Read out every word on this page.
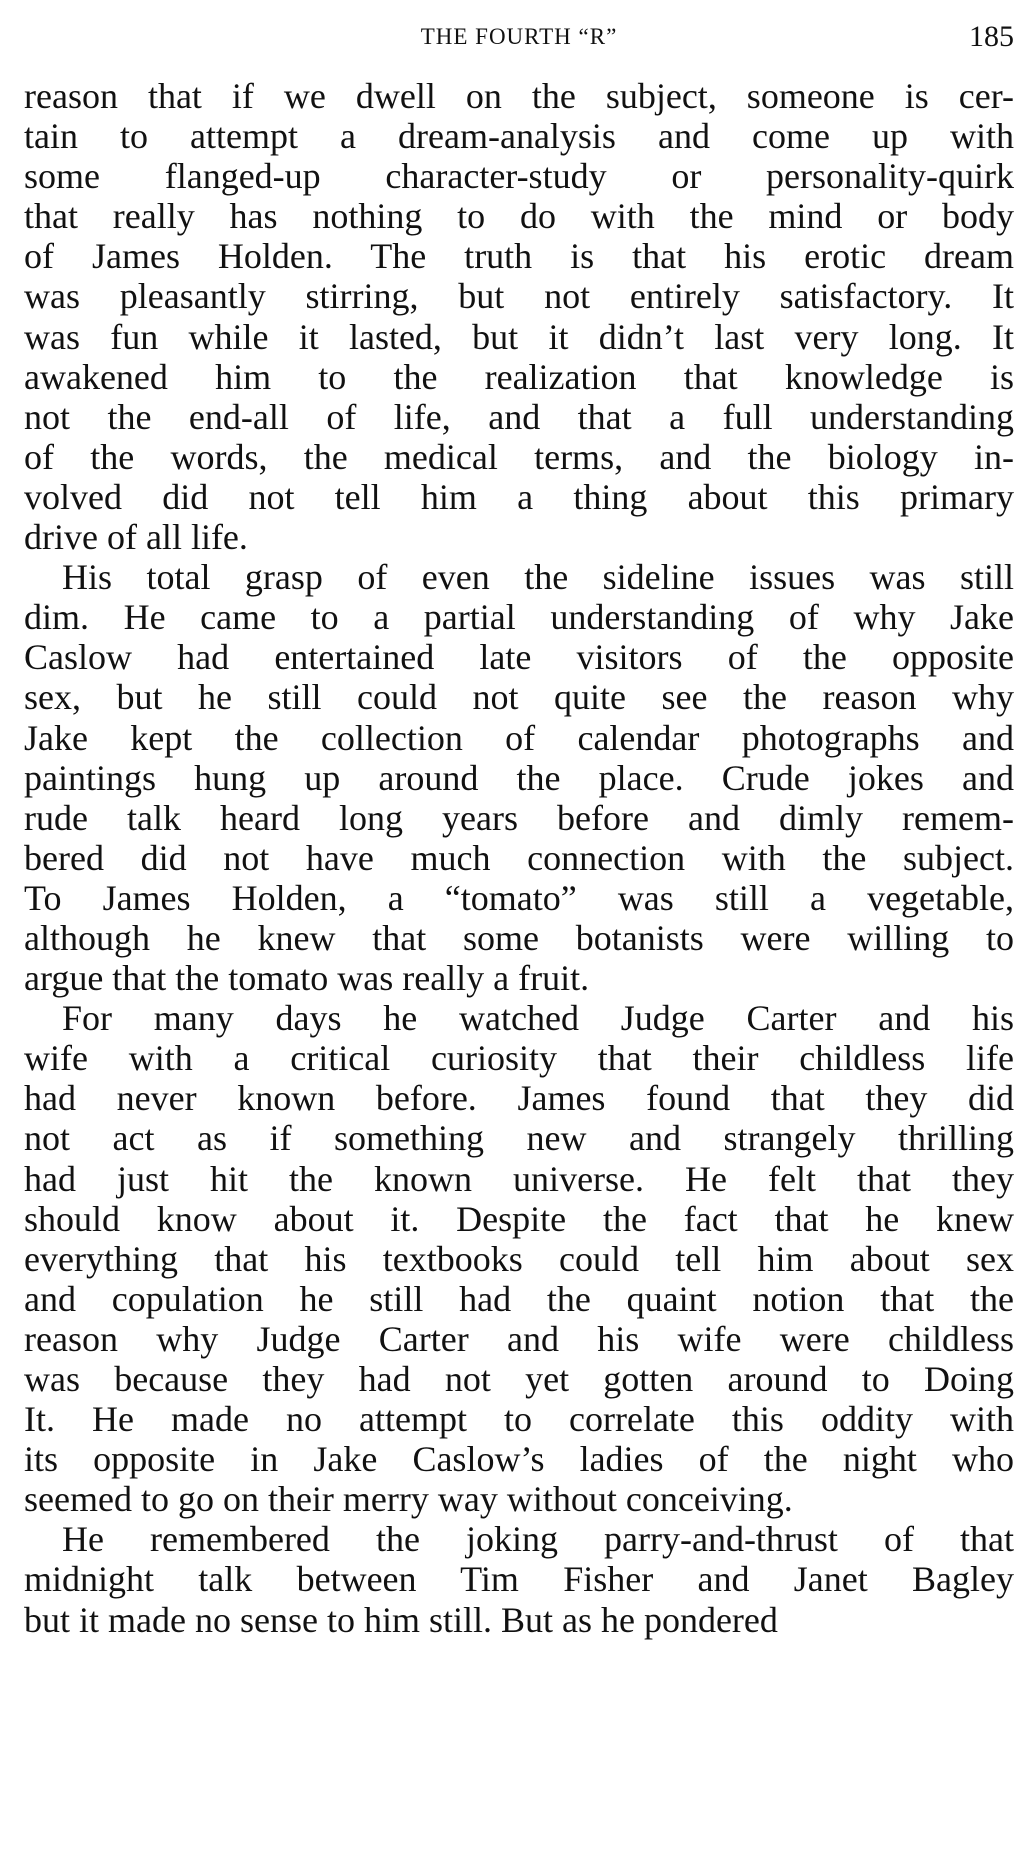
THE FOURTH “R”	185
reason that if we dwell on the subject, someone is cer-
tain to attempt a dream-analysis and come up with
some flanged-up character-study or personality-quirk
that really has nothing to do with the mind or body
of James Holden. The truth is that his erotic dream
was pleasantly stirring, but not entirely satisfactory. It
was fun while it lasted, but it didn’t last very long. It
awakened him to the realization that knowledge is
not the end-all of life, and that a full understanding
of the words, the medical terms, and the biology in-
volved did not tell him a thing about this primary
drive of all life.
His total grasp of even the sideline issues was still
dim. He came to a partial understanding of why Jake
Caslow had entertained late visitors of the opposite
sex, but he still could not quite see the reason why
Jake kept the collection of calendar photographs and
paintings hung up around the place. Crude jokes and
rude talk heard long years before and dimly remem-
bered did not have much connection with the subject.
To James Holden, a “tomato” was still a vegetable,
although he knew that some botanists were willing to
argue that the tomato was really a fruit.
For many days he watched Judge Carter and his
wife with a critical curiosity that their childless life
had never known before. James found that they did
not act as if something new and strangely thrilling
had just hit the known universe. He felt that they
should know about it. Despite the fact that he knew
everything that his textbooks could tell him about sex
and copulation he still had the quaint notion that the
reason why Judge Carter and his wife were childless
was because they had not yet gotten around to Doing
It. He made no attempt to correlate this oddity with
its opposite in Jake Caslow’s ladies of the night who
seemed to go on their merry way without conceiving.
He remembered the joking parry-and-thrust of that
midnight talk between Tim Fisher and Janet Bagley
but it made no sense to him still. But as he pondered
